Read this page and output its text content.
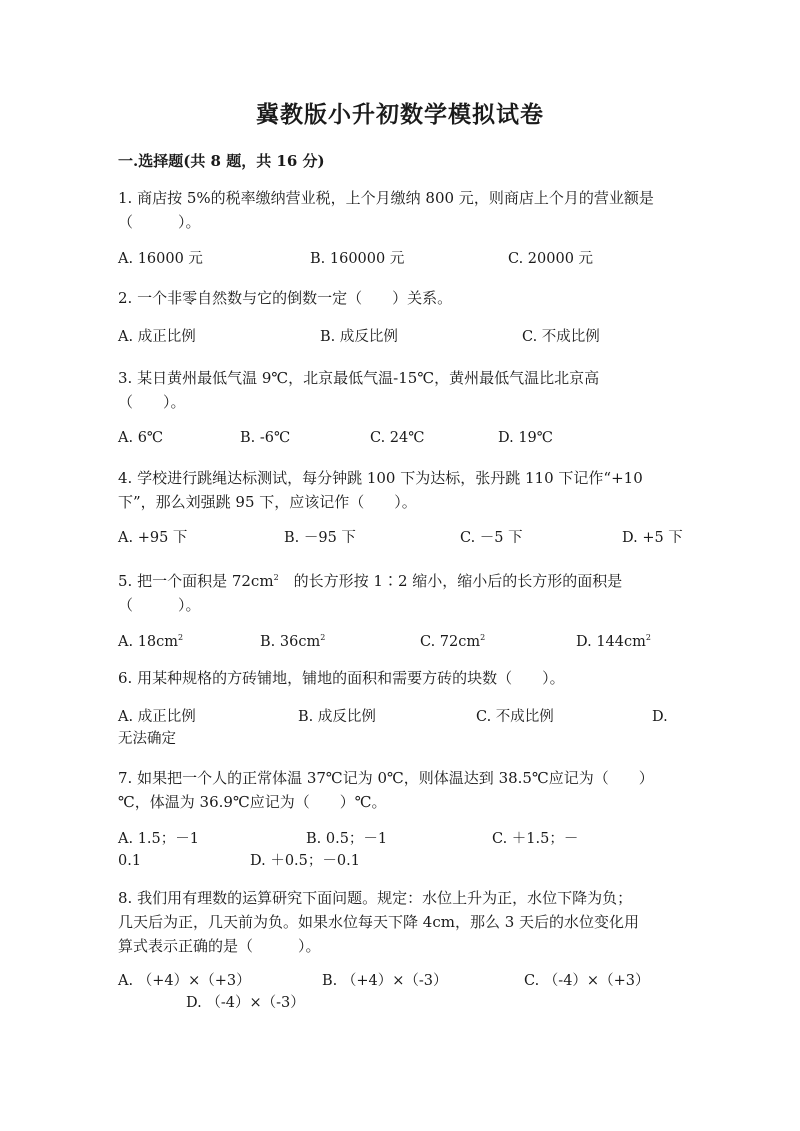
冀教版小升初数学模拟试卷
一.选择题(共 8 题，共 16 分)
1. 商店按 5%的税率缴纳营业税，上个月缴纳 800 元，则商店上个月的营业额是
（　　　）。
A. 16000 元	B. 160000 元	C. 20000 元
2. 一个非零自然数与它的倒数一定（　　）关系。
A. 成正比例	B. 成反比例	C. 不成比例
3. 某日黄州最低气温 9℃，北京最低气温-15℃，黄州最低气温比北京高
（　　）。
A. 6℃	B. -6℃	C. 24℃	D. 19℃
4. 学校进行跳绳达标测试，每分钟跳 100 下为达标，张丹跳 110 下记作“+10
下”，那么刘强跳 95 下，应该记作（　　）。
A. +95 下	B. －95 下	C. －5 下	D. +5 下
5. 把一个面积是 $72cm^2$　的长方形按 1∶2 缩小，缩小后的长方形的面积是
（　　　）。
A. $18cm^2$	B. $36cm^2$	C. $72cm^2$	D. $144cm^2$
6. 用某种规格的方砖铺地，铺地的面积和需要方砖的块数（　　）。
A. 成正比例	B. 成反比例	C. 不成比例	D.
无法确定
7. 如果把一个人的正常体温 37℃记为 0℃，则体温达到 38.5℃应记为（　　）
℃，体温为 36.9℃应记为（　　）℃。
A. 1.5；－1	B. 0.5；－1	C. ＋1.5；－
0.1	D. ＋0.5；－0.1
8. 我们用有理数的运算研究下面问题。规定：水位上升为正，水位下降为负；
几天后为正，几天前为负。如果水位每天下降 4cm，那么 3 天后的水位变化用
算式表示正确的是（　　　）。
A. （+4）×（+3）	B. （+4）×（-3）	C. （-4）×（+3）
D. （-4）×（-3）
